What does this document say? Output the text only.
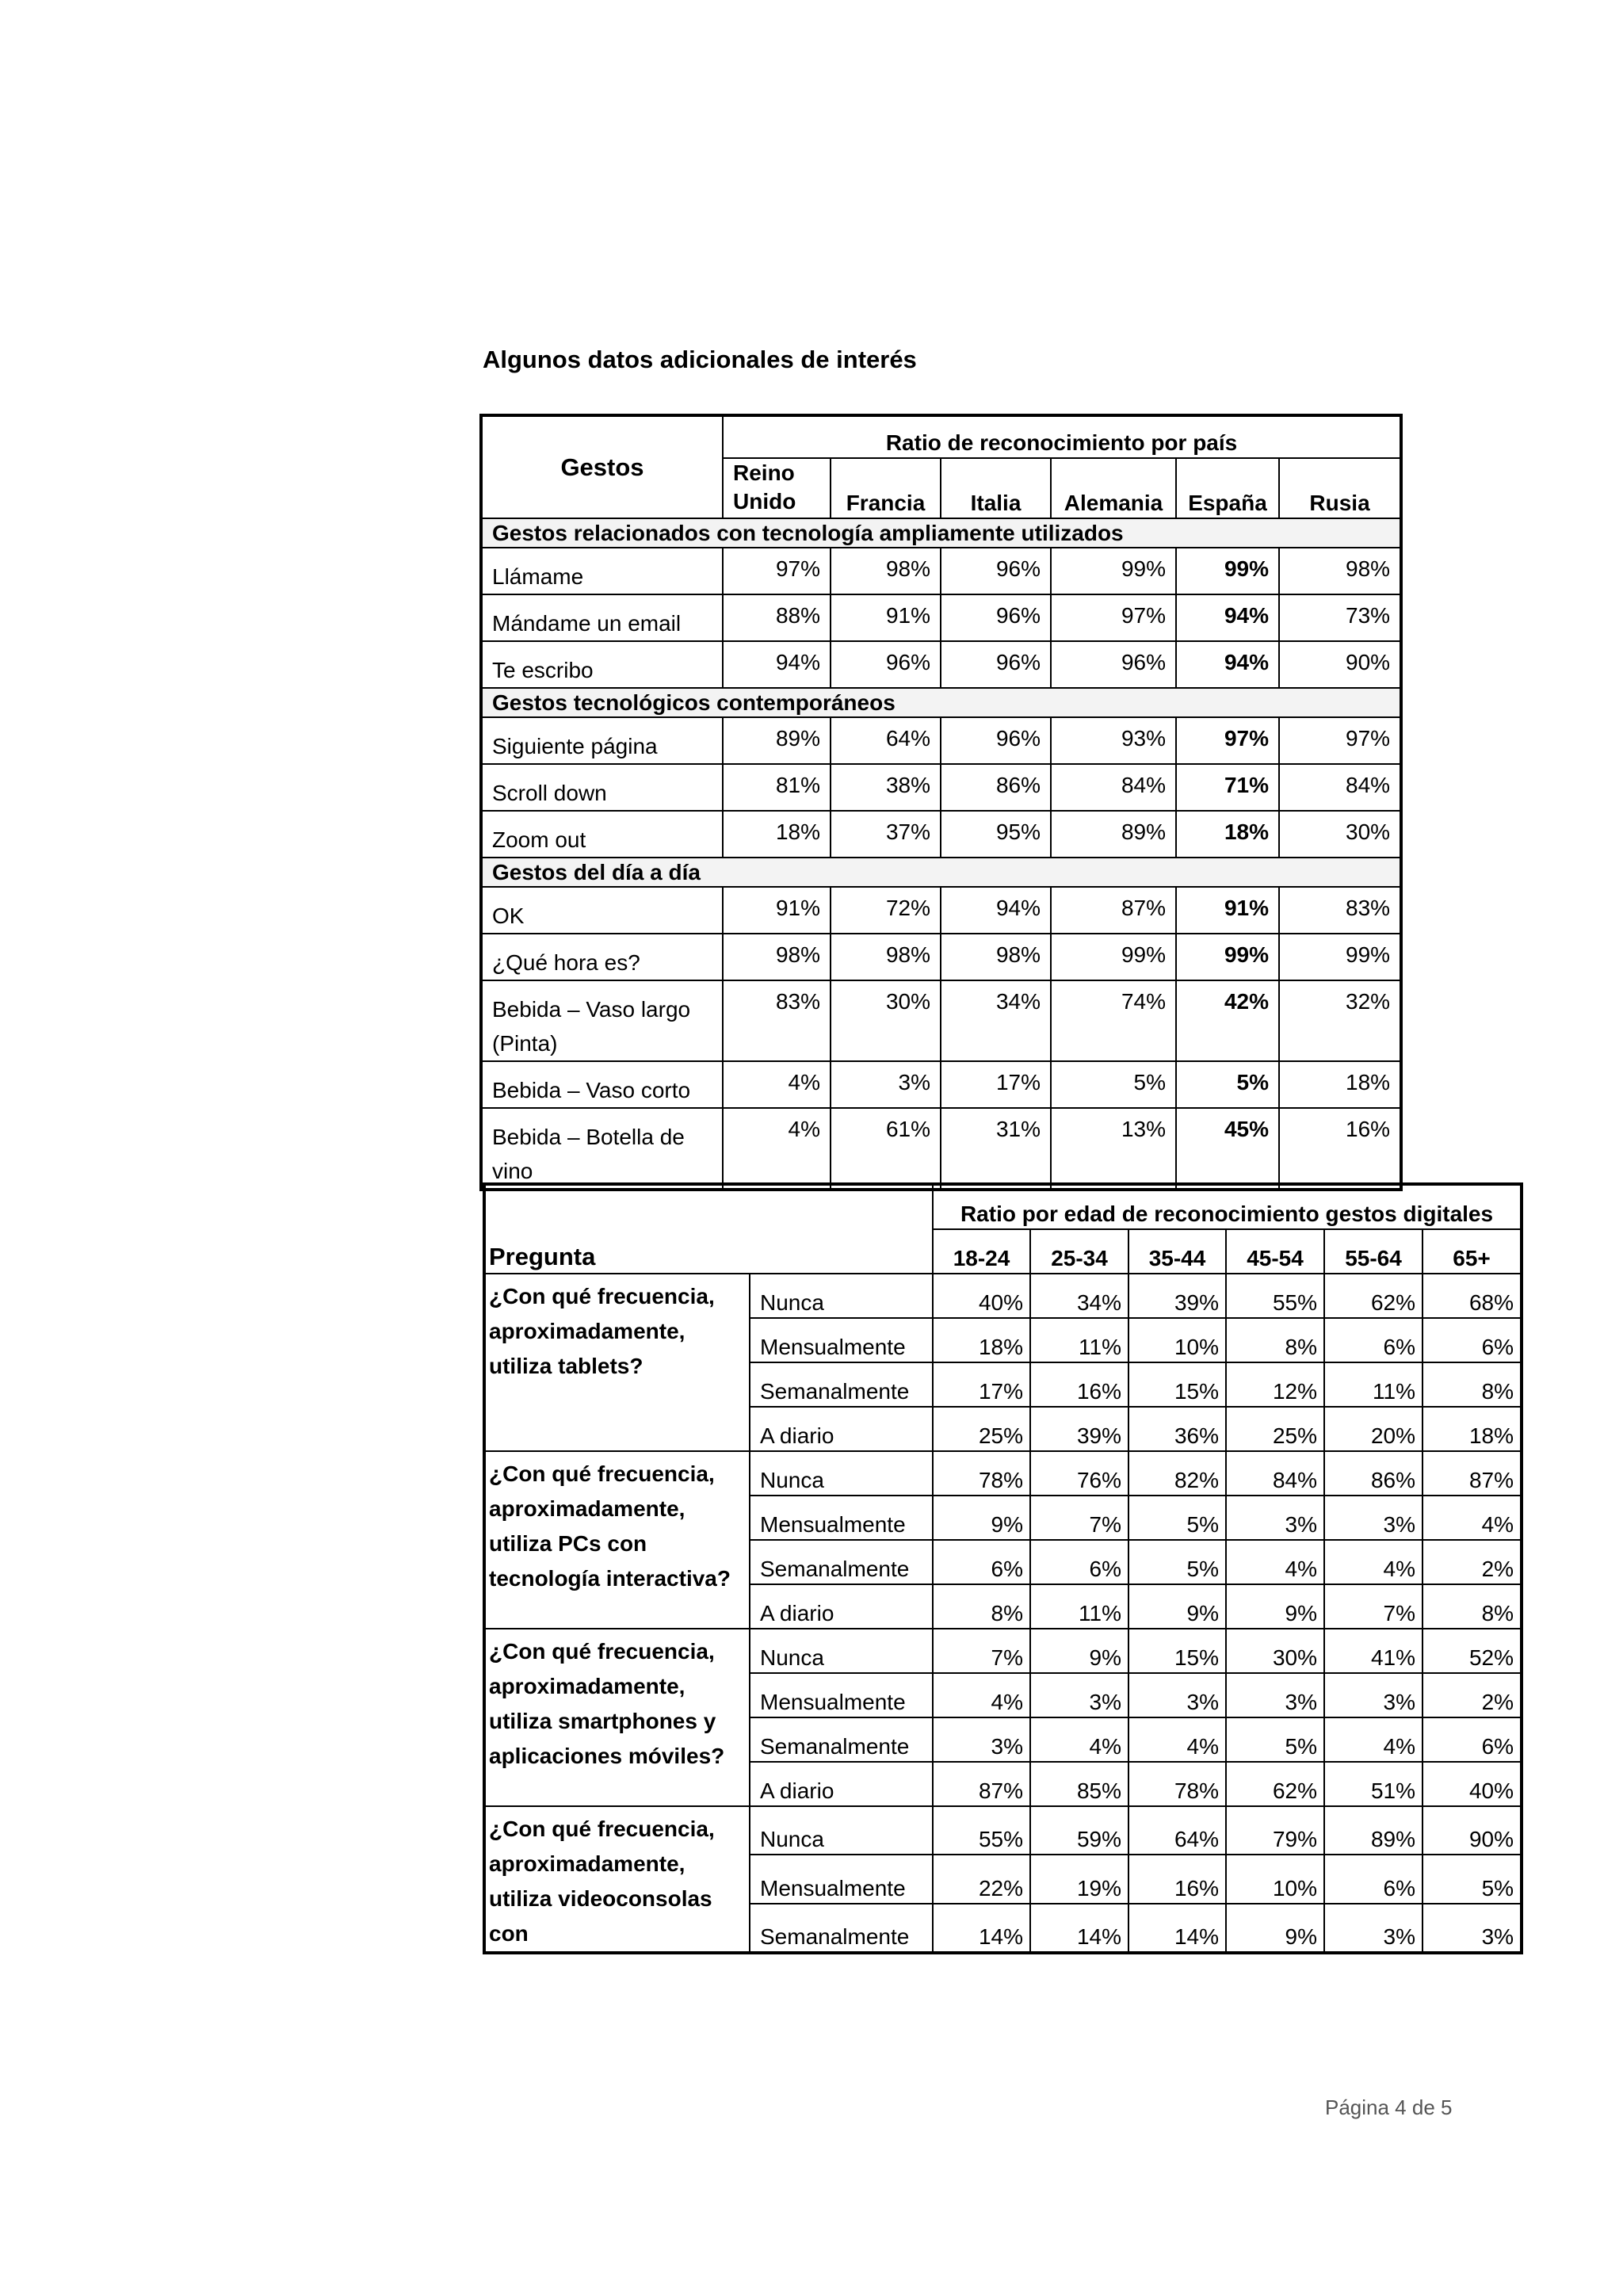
Algunos datos adicionales de interés
Gestos	Ratio de reconocimiento por país					
	Reino Unido	Francia	Italia	Alemania	España	Rusia
Gestos relacionados con tecnología ampliamente utilizados						
Llámame	97%	98%	96%	99%	99%	98%
Mándame un email	88%	91%	96%	97%	94%	73%
Te escribo	94%	96%	96%	96%	94%	90%
Gestos tecnológicos contemporáneos						
Siguiente página	89%	64%	96%	93%	97%	97%
Scroll down	81%	38%	86%	84%	71%	84%
Zoom out	18%	37%	95%	89%	18%	30%
Gestos del día a día						
OK	91%	72%	94%	87%	91%	83%
¿Qué hora es?	98%	98%	98%	99%	99%	99%
Bebida – Vaso largo (Pinta)	83%	30%	34%	74%	42%	32%
Bebida – Vaso corto	4%	3%	17%	5%	5%	18%
Bebida – Botella de vino	4%	61%	31%	13%	45%	16%
		Ratio por edad de reconocimiento gestos digitales					
Pregunta		18-24	25-34	35-44	45-54	55-64	65+
¿Con qué frecuencia, aproximadamente, utiliza tablets?	Nunca	40%	34%	39%	55%	62%	68%
	Mensualmente	18%	11%	10%	8%	6%	6%
	Semanalmente	17%	16%	15%	12%	11%	8%
	A diario	25%	39%	36%	25%	20%	18%
¿Con qué frecuencia, aproximadamente, utiliza PCs con tecnología interactiva?	Nunca	78%	76%	82%	84%	86%	87%
	Mensualmente	9%	7%	5%	3%	3%	4%
	Semanalmente	6%	6%	5%	4%	4%	2%
	A diario	8%	11%	9%	9%	7%	8%
¿Con qué frecuencia, aproximadamente, utiliza smartphones y aplicaciones móviles?	Nunca	7%	9%	15%	30%	41%	52%
	Mensualmente	4%	3%	3%	3%	3%	2%
	Semanalmente	3%	4%	4%	5%	4%	6%
	A diario	87%	85%	78%	62%	51%	40%
¿Con qué frecuencia, aproximadamente, utiliza videoconsolas con	Nunca	55%	59%	64%	79%	89%	90%
	Mensualmente	22%	19%	16%	10%	6%	5%
	Semanalmente	14%	14%	14%	9%	3%	3%
Página 4 de 5
